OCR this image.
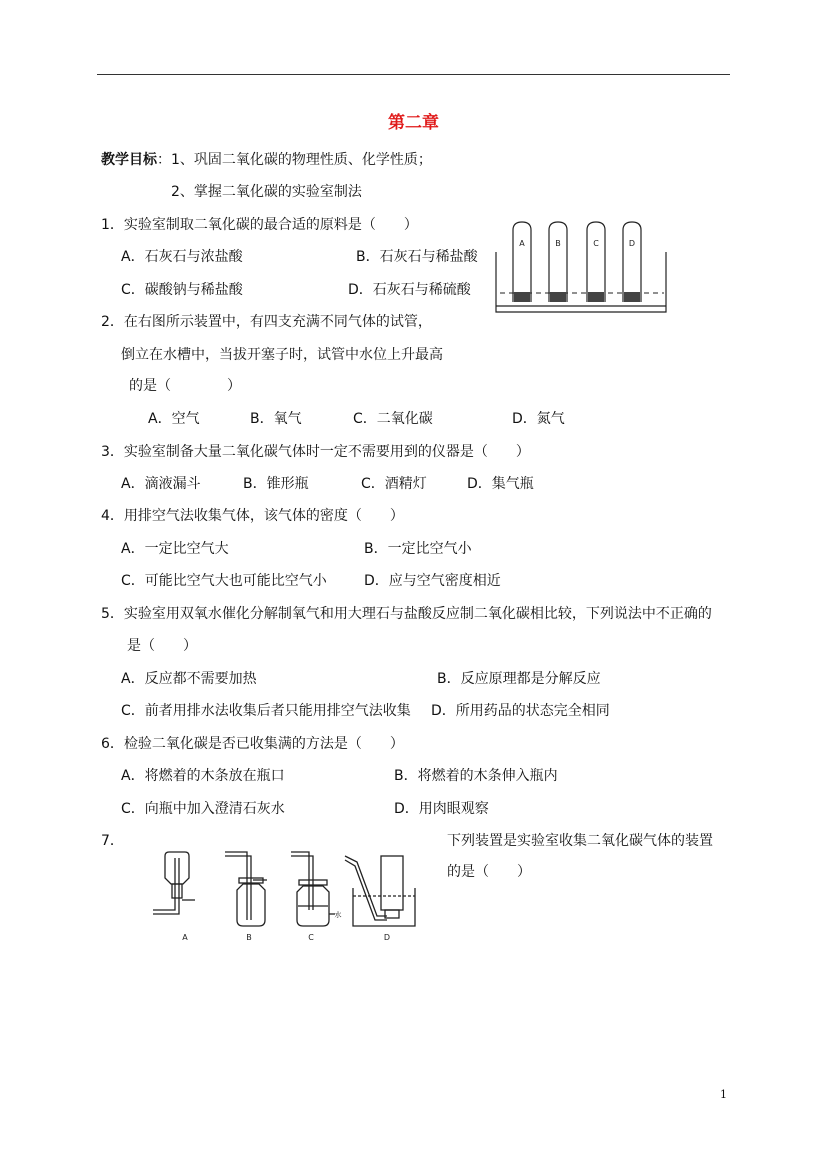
第二章
教学目标：1、巩固二氧化碳的物理性质、化学性质；
2、掌握二氧化碳的实验室制法
1．实验室制取二氧化碳的最合适的原料是（　　）
A．石灰石与浓盐酸	B．石灰石与稀盐酸
C．碳酸钠与稀盐酸	D．石灰石与稀硫酸
2．在右图所示装置中，有四支充满不同气体的试管，
倒立在水槽中，当拔开塞子时，试管中水位上升最高
的是（　　　　）
A．空气	B．氧气	C．二氧化碳	D．氮气
3．实验室制备大量二氧化碳气体时一定不需要用到的仪器是（　　）
A．滴液漏斗	B．锥形瓶	C．酒精灯	D．集气瓶
4．用排空气法收集气体，该气体的密度（　　）
A．一定比空气大	B．一定比空气小
C．可能比空气大也可能比空气小	D．应与空气密度相近
5．实验室用双氧水催化分解制氧气和用大理石与盐酸反应制二氧化碳相比较，下列说法中不正确的
是（　　）
A．反应都不需要加热	B．反应原理都是分解反应
C．前者用排水法收集后者只能用排空气法收集 D．所用药品的状态完全相同
6．检验二氧化碳是否已收集满的方法是（　　）
A．将燃着的木条放在瓶口	B．将燃着的木条伸入瓶内
C．向瓶中加入澄清石灰水	D．用肉眼观察
7．	下列装置是实验室收集二氧化碳气体的装置
的是（　　）
A	B	C	D
A	B	C	D
水
1
